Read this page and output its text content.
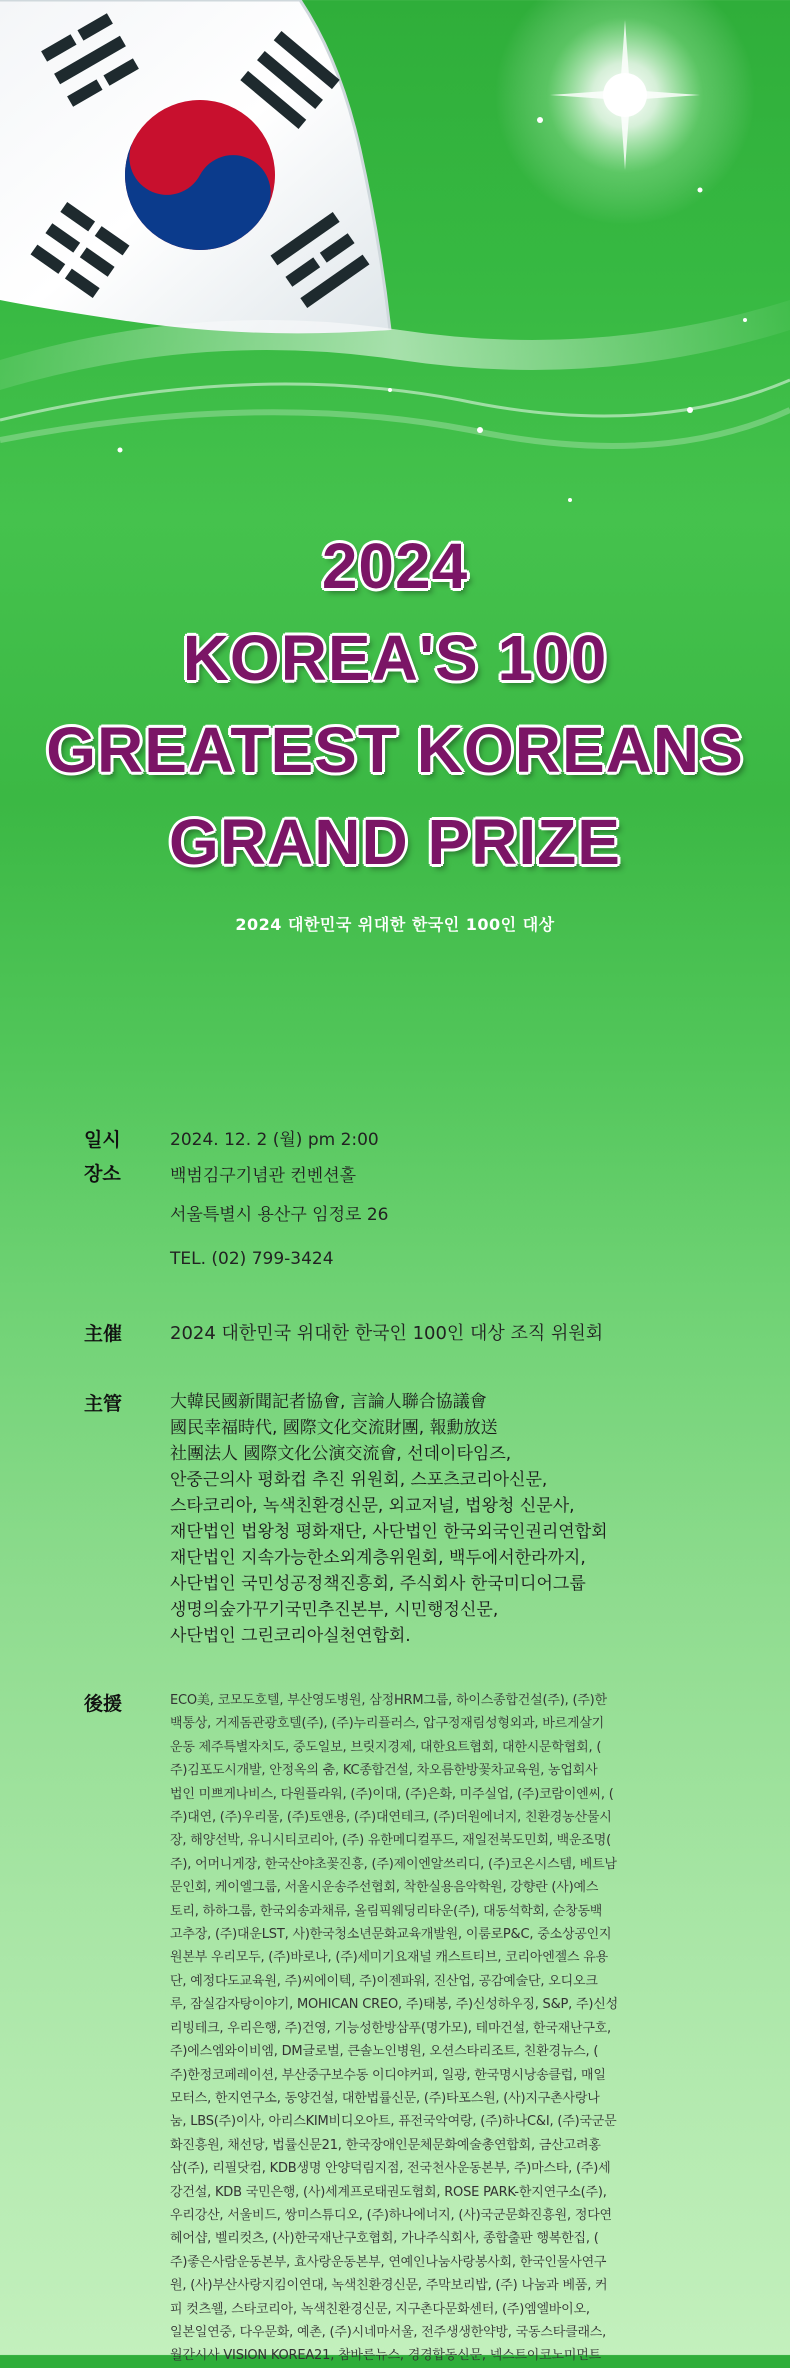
2024
KOREA'S 100
GREATEST KOREANS
GRAND PRIZE
2024 대한민국 위대한 한국인 100인 대상
일시	2024. 12. 2 (월) pm 2:00
장소	백범김구기념관 컨벤션홀
서울특별시 용산구 임정로 26
TEL. (02) 799-3424
主催	2024 대한민국 위대한 한국인 100인 대상 조직 위원회
主管	大韓民國新聞記者協會, 言論人聯合協議會
國民幸福時代, 國際文化交流財團, 報勳放送
社團法人 國際文化公演交流會, 선데이타임즈,
안중근의사 평화컵 추진 위원회, 스포츠코리아신문,
스타코리아, 녹색친환경신문, 외교저널, 법왕청 신문사,
재단법인 법왕청 평화재단, 사단법인 한국외국인권리연합회
재단법인 지속가능한소외계층위원회, 백두에서한라까지,
사단법인 국민성공정책진흥회, 주식회사 한국미디어그룹
생명의숲가꾸기국민추진본부, 시민행정신문,
사단법인 그린코리아실천연합회.
後援	ECO美, 코모도호텔, 부산영도병원, 삼정HRM그룹, 하이스종합건설(주), (주)한
백통상, 거제돔관광호텔(주), (주)누리플러스, 압구정재림성형외과, 바르게살기
운동 제주특별자치도, 중도일보, 브릿지경제, 대한요트협회, 대한시문학협회, (
주)김포도시개발, 안정옥의 춤, KC종합건설, 차오름한방꽃차교육원, 농업회사
법인 미쁘게나비스, 다원플라워, (주)이대, (주)은화, 미주실업, (주)코람이엔씨, (
주)대연, (주)우리물, (주)토앤용, (주)대연테크, (주)더원에너지, 친환경농산물시
장, 해양선박, 유니시티코리아, (주) 유한메디컬푸드, 재일전북도민회, 백운조명(
주), 어머니게장, 한국산야초꽃진흥, (주)제이엔알쓰리디, (주)코온시스템, 베트남
문인회, 케이엘그룹, 서울시운송주선협회, 착한실용음악학원, 강향란 (사)예스
토리, 하하그룹, 한국외송과채류, 올림픽웨딩리타운(주), 대동석학회, 순창동백
고추장, (주)대운LST, 사)한국청소년문화교육개발원, 이룸로P&C, 중소상공인지
원본부 우리모두, (주)바로나, (주)세미기요재널 캐스트티브, 코리아엔젤스 유용
단, 예정다도교육원, 주)씨에이텍, 주)이젠파워, 진산업, 공감예술단, 오디오크
루, 잠실감자탕이야기, MOHICAN CREO, 주)태봉, 주)신성하우징, S&P, 주)신성
리빙테크, 우리은행, 주)건영, 기능성한방삼푸(명가모), 테마건설, 한국재난구호,
주)에스엠와이비엠, DM글로벌, 큰솔노인병원, 오션스타리조트, 친환경뉴스, (
주)한정코페레이션, 부산중구보수동 이디야커피, 일광, 한국명시낭송클럽, 매일
모터스, 한지연구소, 동양건설, 대한법률신문, (주)타포스원, (사)지구촌사랑나
눔, LBS(주)이사, 아리스KIM비디오아트, 퓨전국악여랑, (주)하나C&I, (주)국군문
화진흥원, 채선당, 법률신문21, 한국장애인문체문화예술총연합회, 금산고려홍
삼(주), 리필닷컴, KDB생명 안양덕림지점, 전국천사운동본부, 주)마스타, (주)세
강건설, KDB 국민은행, (사)세계프로태권도협회, ROSE PARK-한지연구소(주),
우리강산, 서울비드, 쌍미스튜디오, (주)하나에너지, (사)국군문화진흥원, 정다연
헤어샵, 벨리컷츠, (사)한국재난구호협회, 가나주식회사, 종합출판 행복한집, (
주)좋은사람운동본부, 효사랑운동본부, 연예인나눔사랑봉사회, 한국인물사연구
원, (사)부산사랑지킴이연대, 녹색친환경신문, 주막보리밥, (주) 나눔과 베품, 커
피 컷츠웰, 스타코리아, 녹색친환경신문, 지구촌다문화센터, (주)엠엘바이오,
일본일연중, 다우문화, 예촌, (주)시네마서울, 전주생생한약방, 국동스타클래스,
월간시사 VISION KOREA21, 참바른뉴스, 경경합동신문, 넥스트이코노미먼트
